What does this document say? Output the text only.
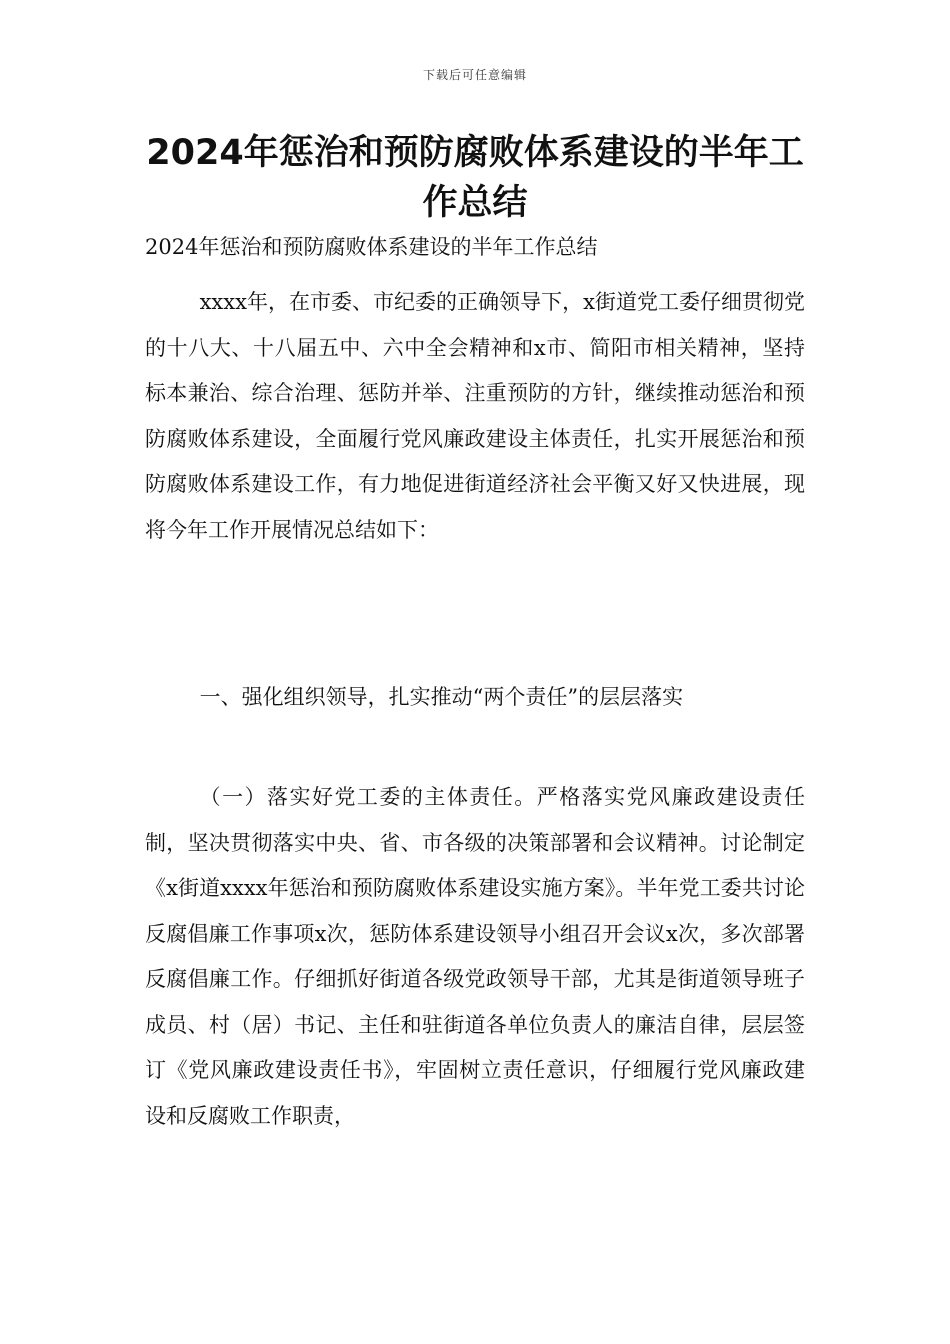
下载后可任意编辑
2024年惩治和预防腐败体系建设的半年工作总结

2024年惩治和预防腐败体系建设的半年工作总结

xxxx年，在市委、市纪委的正确领导下，x街道党工委仔细贯彻党的十八大、十八届五中、六中全会精神和x市、简阳市相关精神，坚持标本兼治、综合治理、惩防并举、注重预防的方针，继续推动惩治和预防腐败体系建设，全面履行党风廉政建设主体责任，扎实开展惩治和预防腐败体系建设工作，有力地促进街道经济社会平衡又好又快进展，现将今年工作开展情况总结如下：

一、强化组织领导，扎实推动“两个责任”的层层落实

（一）落实好党工委的主体责任。严格落实党风廉政建设责任制，坚决贯彻落实中央、省、市各级的决策部署和会议精神。讨论制定《x街道xxxx年惩治和预防腐败体系建设实施方案》。半年党工委共讨论反腐倡廉工作事项x次，惩防体系建设领导小组召开会议x次，多次部署反腐倡廉工作。仔细抓好街道各级党政领导干部，尤其是街道领导班子成员、村（居）书记、主任和驻街道各单位负责人的廉洁自律，层层签订《党风廉政建设责任书》，牢固树立责任意识，仔细履行党风廉政建设和反腐败工作职责，
